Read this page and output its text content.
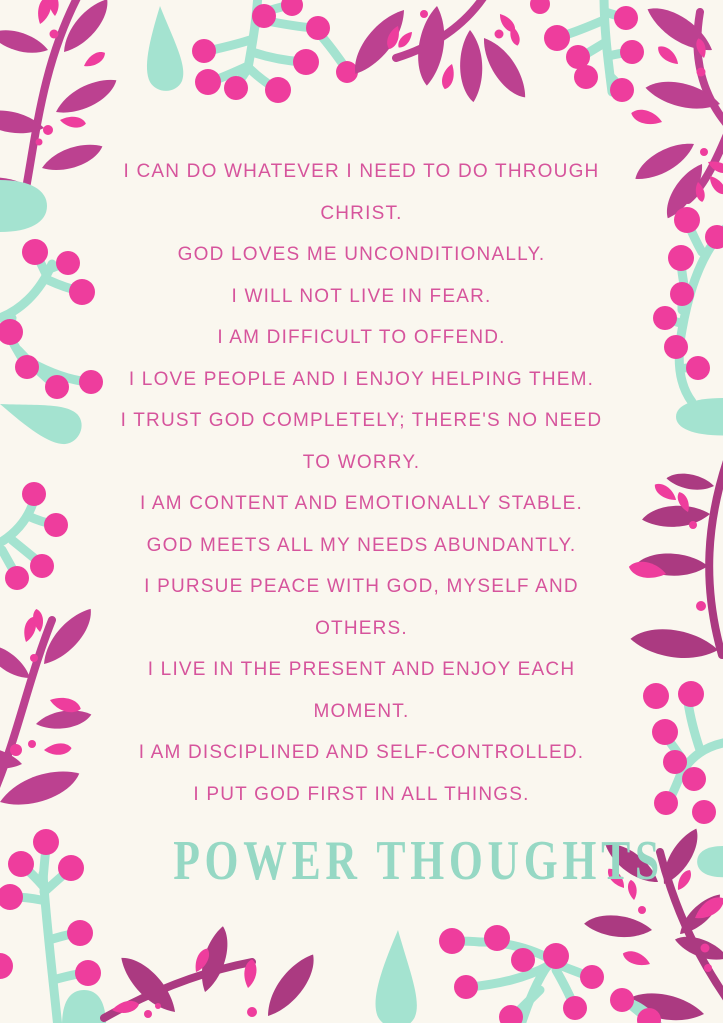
I CAN DO WHATEVER I NEED TO DO THROUGH CHRIST.

GOD LOVES ME UNCONDITIONALLY.

I WILL NOT LIVE IN FEAR.

I AM DIFFICULT TO OFFEND.

I LOVE PEOPLE AND I ENJOY HELPING THEM.

I TRUST GOD COMPLETELY; THERE'S NO NEED TO WORRY.

I AM CONTENT AND EMOTIONALLY STABLE.

GOD MEETS ALL MY NEEDS ABUNDANTLY.

I PURSUE PEACE WITH GOD, MYSELF AND OTHERS.

I LIVE IN THE PRESENT AND ENJOY EACH MOMENT.

I AM DISCIPLINED AND SELF-CONTROLLED.

I PUT GOD FIRST IN ALL THINGS.

POWER THOUGHTS
